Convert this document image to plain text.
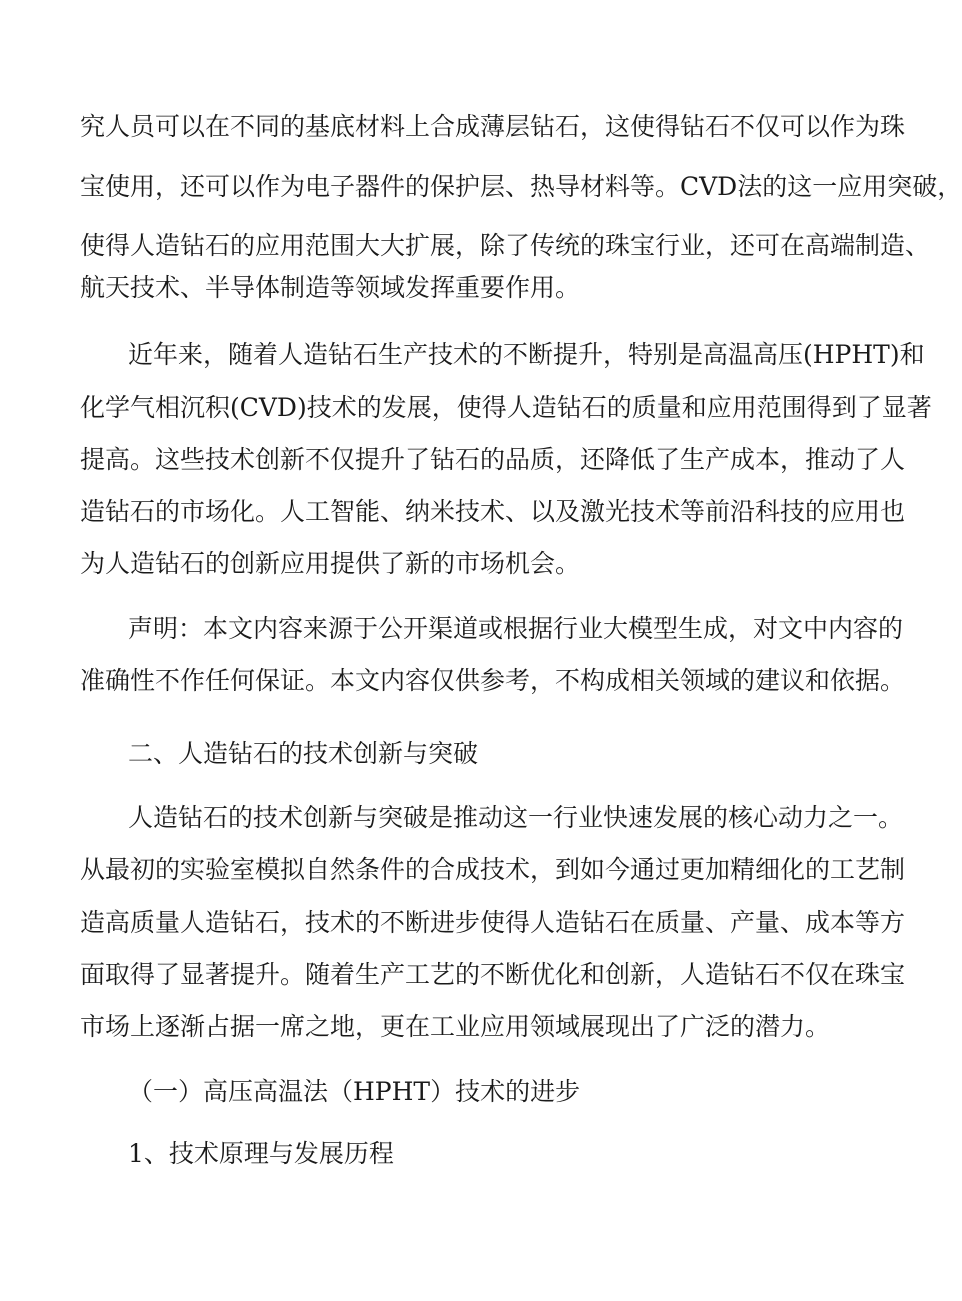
究人员可以在不同的基底材料上合成薄层钻石，这使得钻石不仅可以作为珠
宝使用，还可以作为电子器件的保护层、热导材料等。CVD法的这一应用突破，
使得人造钻石的应用范围大大扩展，除了传统的珠宝行业，还可在高端制造、
航天技术、半导体制造等领域发挥重要作用。
近年来，随着人造钻石生产技术的不断提升，特别是高温高压(HPHT)和
化学气相沉积(CVD)技术的发展，使得人造钻石的质量和应用范围得到了显著
提高。这些技术创新不仅提升了钻石的品质，还降低了生产成本，推动了人
造钻石的市场化。人工智能、纳米技术、以及激光技术等前沿科技的应用也
为人造钻石的创新应用提供了新的市场机会。
声明：本文内容来源于公开渠道或根据行业大模型生成，对文中内容的
准确性不作任何保证。本文内容仅供参考，不构成相关领域的建议和依据。
二、人造钻石的技术创新与突破
人造钻石的技术创新与突破是推动这一行业快速发展的核心动力之一。
从最初的实验室模拟自然条件的合成技术，到如今通过更加精细化的工艺制
造高质量人造钻石，技术的不断进步使得人造钻石在质量、产量、成本等方
面取得了显著提升。随着生产工艺的不断优化和创新，人造钻石不仅在珠宝
市场上逐渐占据一席之地，更在工业应用领域展现出了广泛的潜力。
（一）高压高温法（HPHT）技术的进步
1、技术原理与发展历程
